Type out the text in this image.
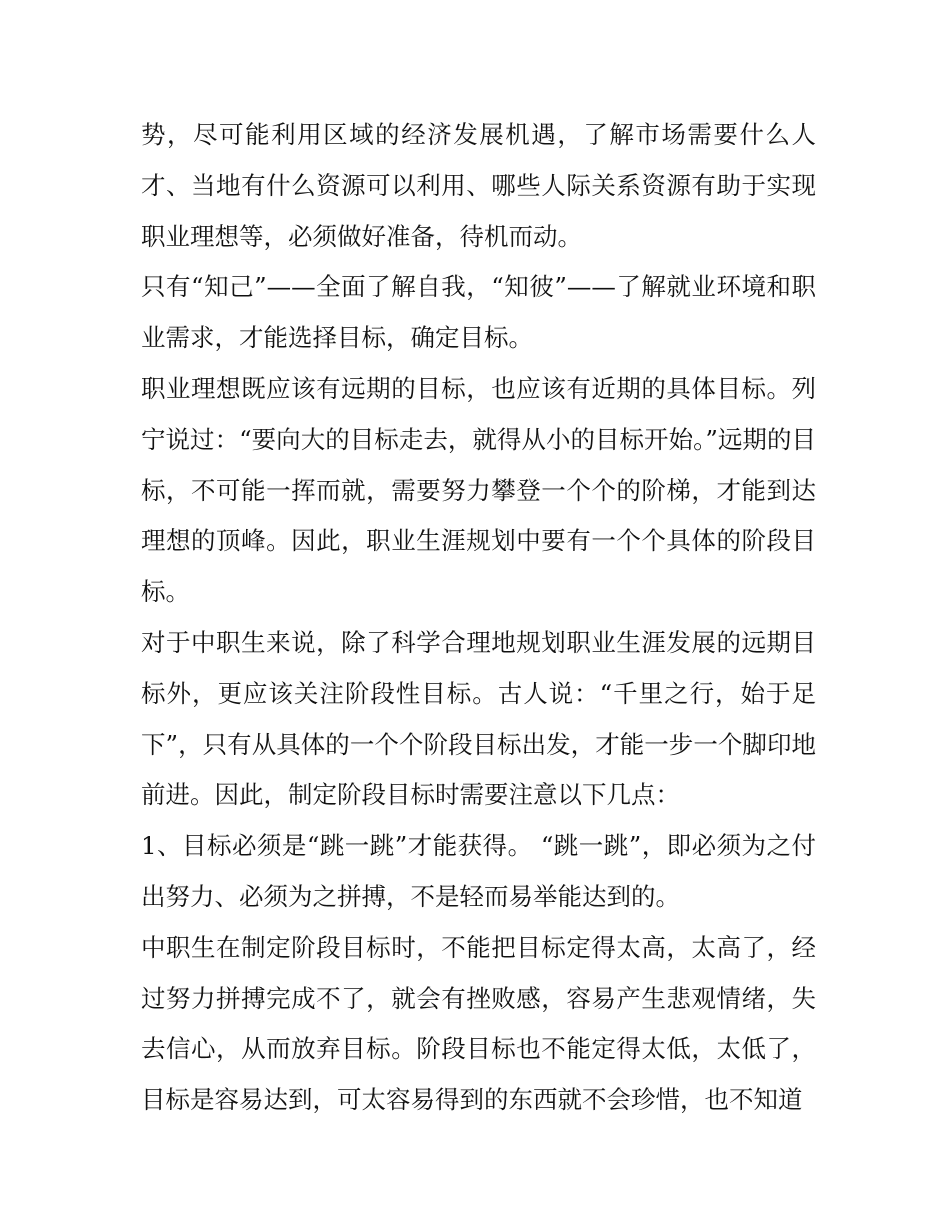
势，尽可能利用区域的经济发展机遇，了解市场需要什么人才、当地有什么资源可以利用、哪些人际关系资源有助于实现职业理想等，必须做好准备，待机而动。

只有“知己”——全面了解自我，“知彼”——了解就业环境和职业需求，才能选择目标，确定目标。

职业理想既应该有远期的目标，也应该有近期的具体目标。列宁说过：“要向大的目标走去，就得从小的目标开始。”远期的目标，不可能一挥而就，需要努力攀登一个个的阶梯，才能到达理想的顶峰。因此，职业生涯规划中要有一个个具体的阶段目标。

对于中职生来说，除了科学合理地规划职业生涯发展的远期目标外，更应该关注阶段性目标。古人说：“千里之行，始于足下”，只有从具体的一个个阶段目标出发，才能一步一个脚印地前进。因此，制定阶段目标时需要注意以下几点：

1、目标必须是“跳一跳”才能获得。 “跳一跳”，即必须为之付出努力、必须为之拼搏，不是轻而易举能达到的。

中职生在制定阶段目标时，不能把目标定得太高，太高了，经过努力拼搏完成不了，就会有挫败感，容易产生悲观情绪，失去信心，从而放弃目标。阶段目标也不能定得太低，太低了，目标是容易达到，可太容易得到的东西就不会珍惜，也不知道
